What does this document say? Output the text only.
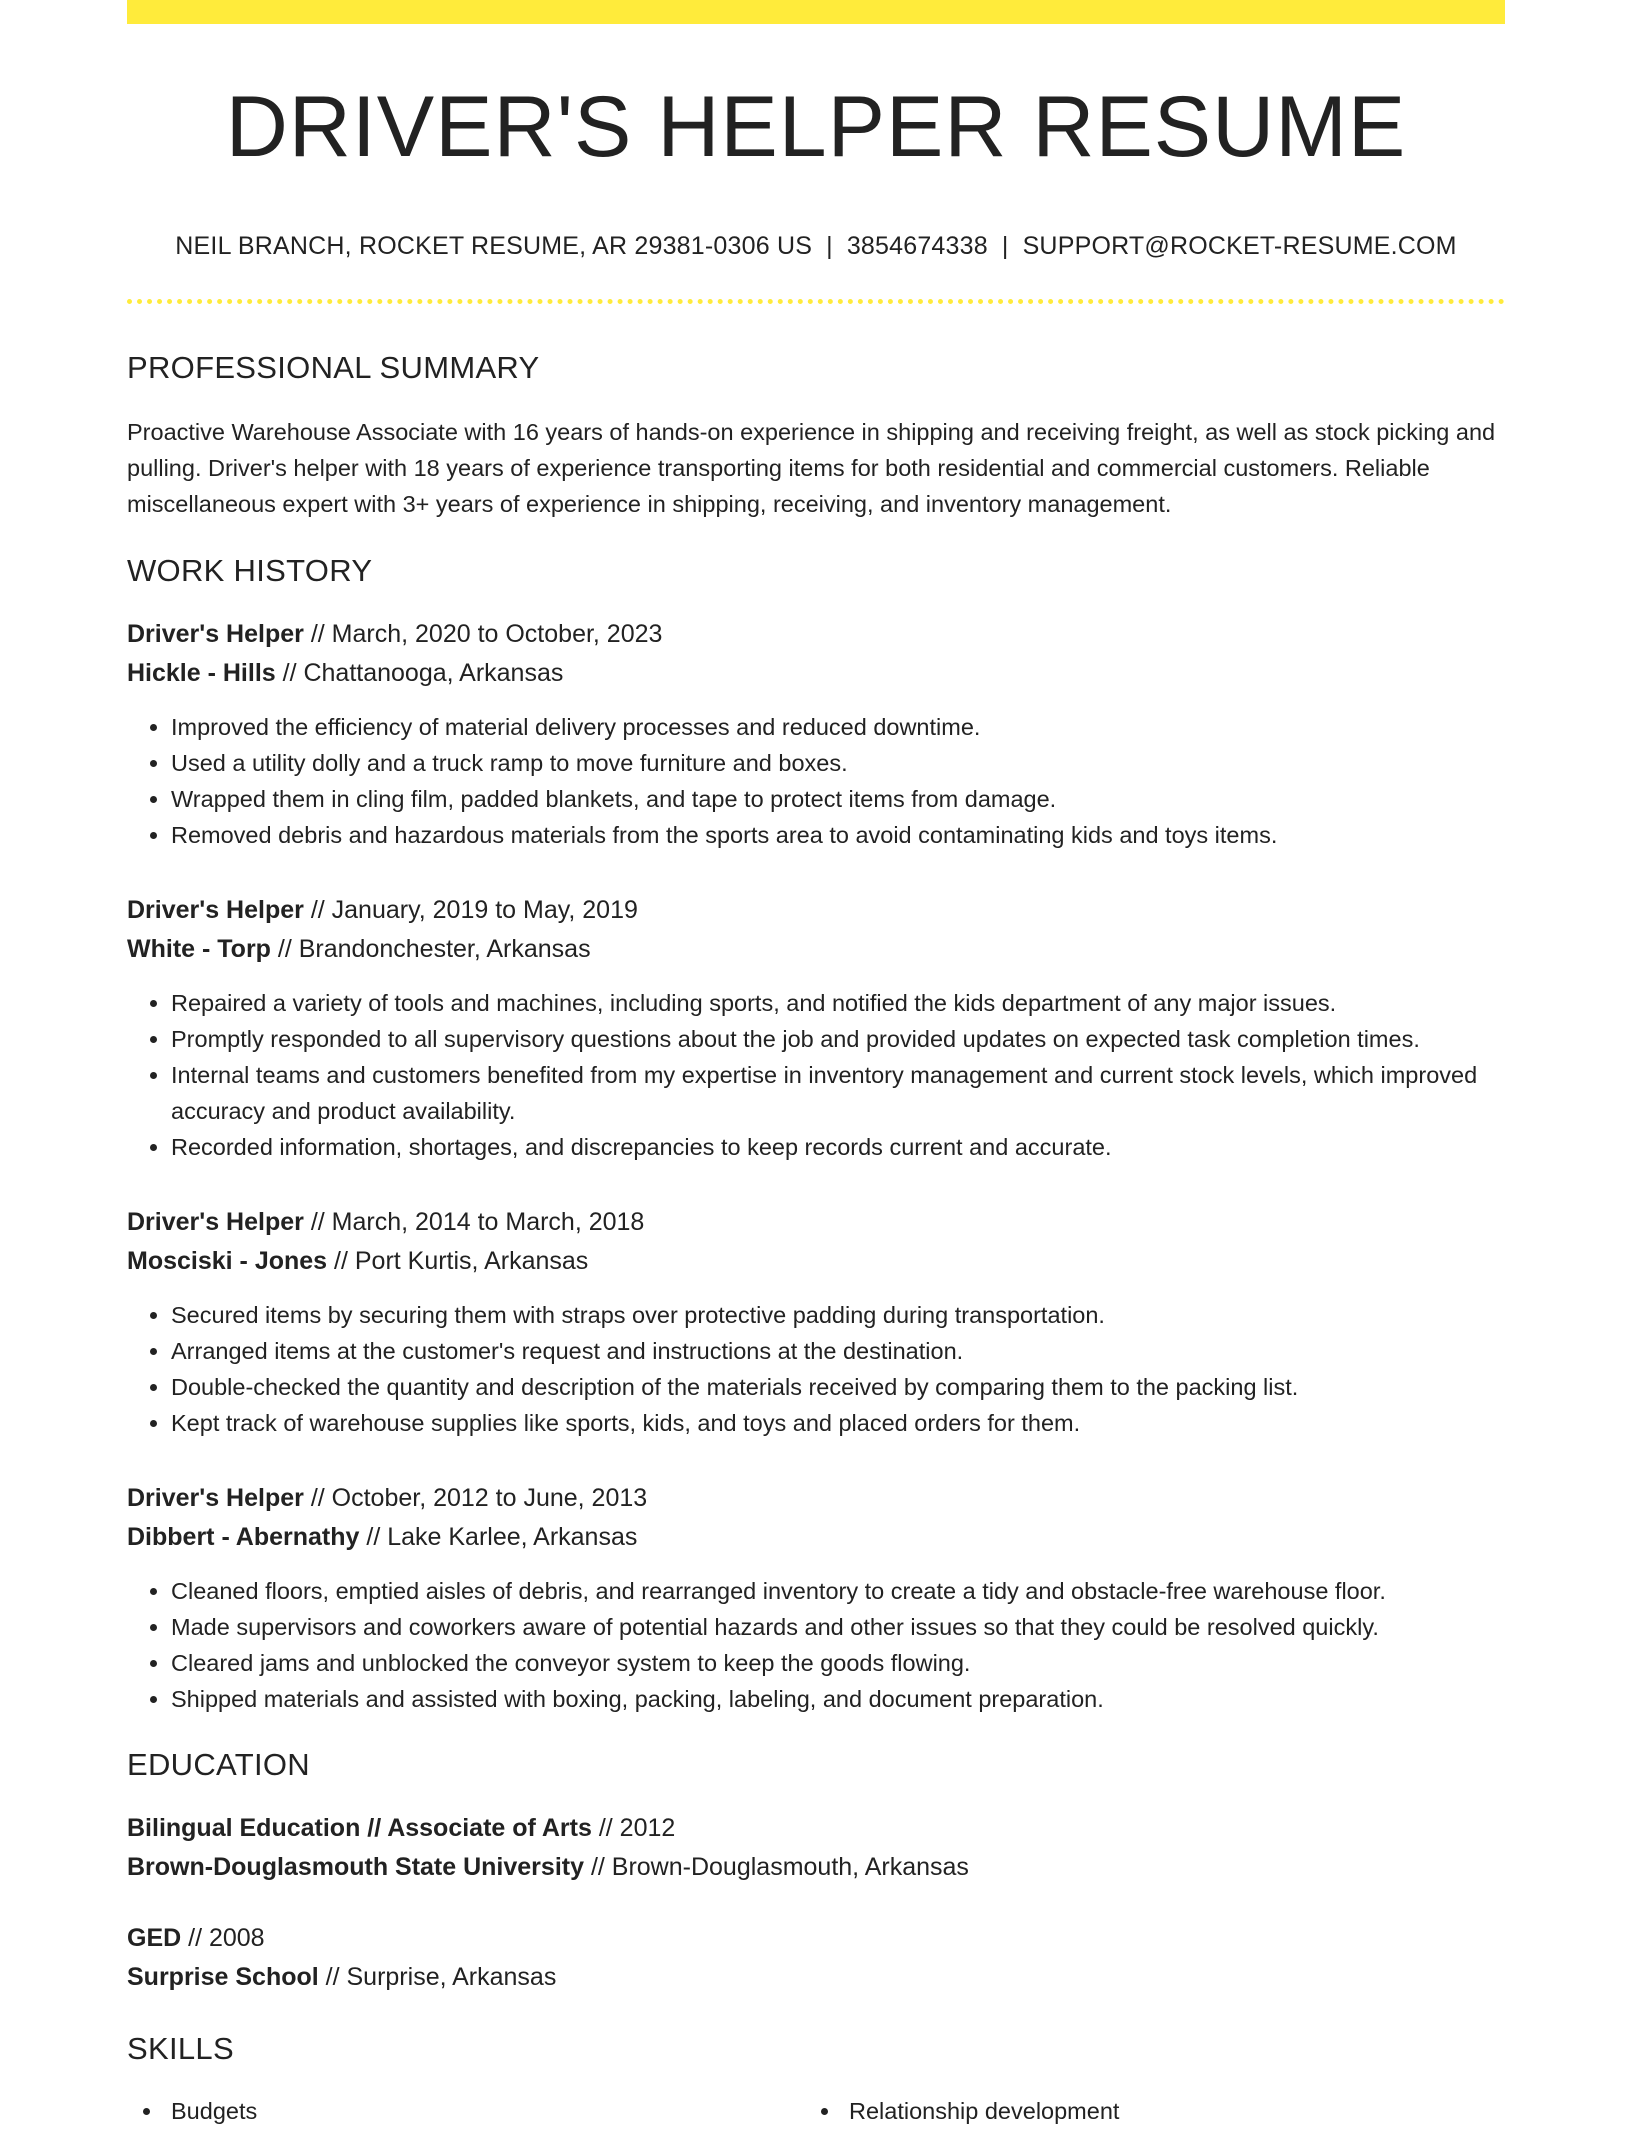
DRIVER'S HELPER RESUME
NEIL BRANCH, ROCKET RESUME, AR 29381-0306 US | 3854674338 | SUPPORT@ROCKET-RESUME.COM
PROFESSIONAL SUMMARY
Proactive Warehouse Associate with 16 years of hands-on experience in shipping and receiving freight, as well as stock picking and pulling. Driver's helper with 18 years of experience transporting items for both residential and commercial customers. Reliable miscellaneous expert with 3+ years of experience in shipping, receiving, and inventory management.
WORK HISTORY
Driver's Helper // March, 2020 to October, 2023
Hickle - Hills // Chattanooga, Arkansas
• Improved the efficiency of material delivery processes and reduced downtime.
• Used a utility dolly and a truck ramp to move furniture and boxes.
• Wrapped them in cling film, padded blankets, and tape to protect items from damage.
• Removed debris and hazardous materials from the sports area to avoid contaminating kids and toys items.
Driver's Helper // January, 2019 to May, 2019
White - Torp // Brandonchester, Arkansas
• Repaired a variety of tools and machines, including sports, and notified the kids department of any major issues.
• Promptly responded to all supervisory questions about the job and provided updates on expected task completion times.
• Internal teams and customers benefited from my expertise in inventory management and current stock levels, which improved accuracy and product availability.
• Recorded information, shortages, and discrepancies to keep records current and accurate.
Driver's Helper // March, 2014 to March, 2018
Mosciski - Jones // Port Kurtis, Arkansas
• Secured items by securing them with straps over protective padding during transportation.
• Arranged items at the customer's request and instructions at the destination.
• Double-checked the quantity and description of the materials received by comparing them to the packing list.
• Kept track of warehouse supplies like sports, kids, and toys and placed orders for them.
Driver's Helper // October, 2012 to June, 2013
Dibbert - Abernathy // Lake Karlee, Arkansas
• Cleaned floors, emptied aisles of debris, and rearranged inventory to create a tidy and obstacle-free warehouse floor.
• Made supervisors and coworkers aware of potential hazards and other issues so that they could be resolved quickly.
• Cleared jams and unblocked the conveyor system to keep the goods flowing.
• Shipped materials and assisted with boxing, packing, labeling, and document preparation.
EDUCATION
Bilingual Education // Associate of Arts // 2012
Brown-Douglasmouth State University // Brown-Douglasmouth, Arkansas
GED // 2008
Surprise School // Surprise, Arkansas
SKILLS
Budgets	Relationship development
